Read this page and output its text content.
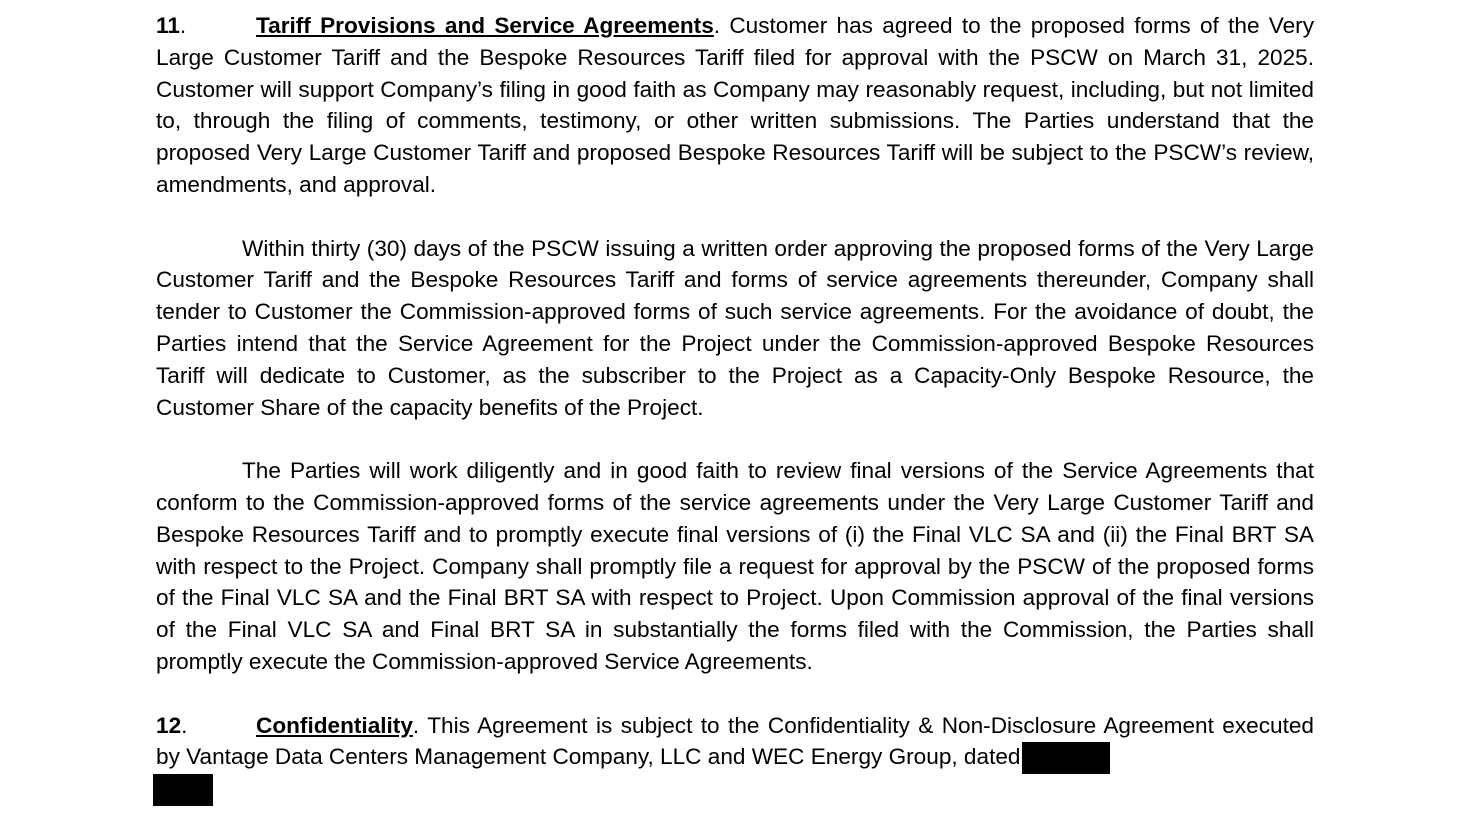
11.	Tariff Provisions and Service Agreements. Customer has agreed to the proposed forms of the Very Large Customer Tariff and the Bespoke Resources Tariff filed for approval with the PSCW on March 31, 2025. Customer will support Company’s filing in good faith as Company may reasonably request, including, but not limited to, through the filing of comments, testimony, or other written submissions. The Parties understand that the proposed Very Large Customer Tariff and proposed Bespoke Resources Tariff will be subject to the PSCW’s review, amendments, and approval.

Within thirty (30) days of the PSCW issuing a written order approving the proposed forms of the Very Large Customer Tariff and the Bespoke Resources Tariff and forms of service agreements thereunder, Company shall tender to Customer the Commission-approved forms of such service agreements. For the avoidance of doubt, the Parties intend that the Service Agreement for the Project under the Commission-approved Bespoke Resources Tariff will dedicate to Customer, as the subscriber to the Project as a Capacity-Only Bespoke Resource, the Customer Share of the capacity benefits of the Project.

The Parties will work diligently and in good faith to review final versions of the Service Agreements that conform to the Commission-approved forms of the service agreements under the Very Large Customer Tariff and Bespoke Resources Tariff and to promptly execute final versions of (i) the Final VLC SA and (ii) the Final BRT SA with respect to the Project. Company shall promptly file a request for approval by the PSCW of the proposed forms of the Final VLC SA and the Final BRT SA with respect to Project. Upon Commission approval of the final versions of the Final VLC SA and Final BRT SA in substantially the forms filed with the Commission, the Parties shall promptly execute the Commission-approved Service Agreements.

12.	Confidentiality. This Agreement is subject to the Confidentiality & Non-Disclosure Agreement executed by Vantage Data Centers Management Company, LLC and WEC Energy Group, dated
